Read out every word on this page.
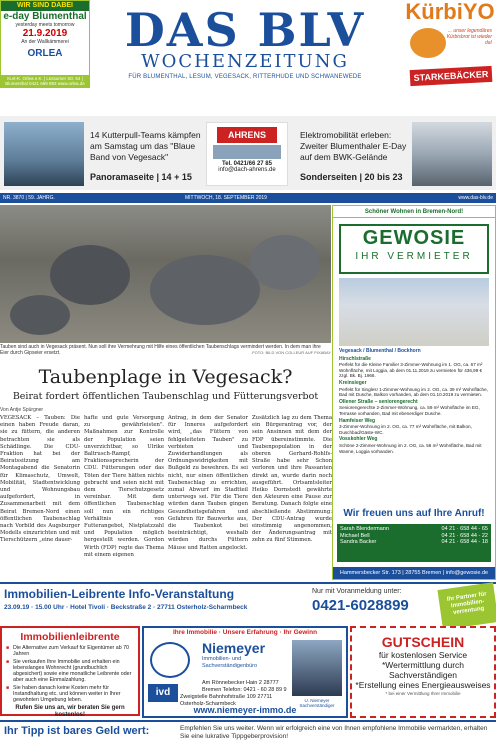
WIR SIND DABEI
e-day Blumenthal
yesterday meets tomorrow
21.9.2019
An der Wallkämmerei
ORLEA
Kurt-K. Orlea e.K. | Lüssumer Str. 54 | Blumenthal 0421 699 893 www.orlea.de
DAS BLV
WOCHENZEITUNG
FÜR BLUMENTHAL, LESUM, VEGESACK, RITTERHUDE UND SCHWANEWEDE
KürbiYO
... unser legendäres Kürbisbrot ist wieder da!
STARKEBÄCKER
14 Kutterpull-Teams kämpfen am Samstag um das "Blaue Band von Vegesack"
Panoramaseite | 14 + 15
AHRENS
Tel. 0421/66 27 85
info@dach-ahrens.de
Elektromobilität erleben: Zweiter Blumenthaler E-Day auf dem BWK-Gelände
Sonderseiten | 20 bis 23
NR. 3870 | 59. JAHRG.	MITTWOCH, 18. SEPTEMBER 2019	www.das-blv.de
Tauben sind auch in Vegesack präsent. Nun soll ihre Vermehrung mit Hilfe eines öffentlichen Taubenschlags vermindert werden. In dem man ihre Eier durch Gipseier ersetzt.	FOTO: BILD VON COLLEUR AUF PIXABAY
Taubenplage in Vegesack?
Beirat fordert öffentlichen Taubenschlag und Fütterungsverbot
Von Antje Spürgner
VEGESACK – Tauben: Die einen haben Freude daran, sie zu füttern, die anderen betrachten sie als Schädlinge. Die CDU-Fraktion hat bei der Beiratssitzung am Montagabend die Senatorin für Klimaschutz, Umwelt, Mobilität, Stadtentwicklung und Wohnungsbau aufgefordert, in Zusammenarbeit mit dem Beirat Bremen-Nord einen öffentlichen Taubenschlag nach Vorbild des Augsburger Modells einzurichten und mit Tierschützern „eine dauer-
hafte und gute Versorgung zu gewährleisten". Maßnahmen zur Kontrolle der Population seien unverzichtbar, so Ulrike Baltrusch-Rampf, Fraktionssprecherin der CDU. Fütterungen oder das Töten der Tiere hätten nichts gebracht und seien nicht mit dem Tierschutzgesetz vereinbar. Mit dem öffentlichen Taubenschlag soll nun ein richtiges Verhältnis von Futterangebot, Nistplatzzahl und Population möglich hergestellt werden. Gordon Wirth (FDP) regte das Thema mit einem eigenen
Antrag, in dem der Senator für Inneres aufgefordert wird, „das Füttern von fehlgeleiteten Tauben" zu verbieten und Zuwiderhandlungen als Ordnungswidrigkeiten mit Bußgeld zu bewehren. Es sei nicht, nur einen öffentlichen Taubenschlag zu errichten, zumal Abwurf im Stadtteil unterwegs sei. Für die Tiere würden dann Tauben gingen Gesundheitsgefahren und Gefahren für Bauwerke aus, die Taubenkot bei beeinträchtigt, weshalb würden durchs Füttern Mäuse und Ratten angelockt.
Zusätzlich lag zu dem Thema ein Bürgerantrag vor, der sein Ansinnen mit dem der FDP übereinstimmte. Die Taubenpopulation in der oberen Gerhard-Rohlfs-Straße habe sehr Schon verloren und ihre Passanten direkt an, wurde darin noch ausgeführt. Ortsamtsleiter Heiko Dornstedt gewährte den Akteuren eine Pause zur Beratung. Danach folgte eine abschließende Abstimmung: Der CDU-Antrag wurde einstimmig angenommen, der Änderungsantrag mit zehn zu fünf Stimmen.
Schöner Wohnen in Bremen-Nord!
GEWOSIE
IHR VERMIETER
Vegesack / Blumenthal / Bockhorn
Hirschlstraße
Perfekt für die Kleine Familie! 3-Zimmer-Wohnung im 1. OG, ca. 67 m² Wohnfläche, mit Loggia, ab dem 01.11.2019 zu vermieten für 436,99 € zzgl. Bk. Bj. 1966.
Kreinsieger
Perfekt für Singles! 1-Zimmer-Wohnung im 2. OG, ca. 39 m² Wohnfläche, Bad mit Dusche, Balkon vorhanden, ab dem 01.10.2019 zu vermieten.
Ollener Straße – seniorengerecht
Seniorengerechte 2-Zimmer-Wohnung, ca. 59 m² Wohnfläche im EG, Terrasse vorhanden, Bad mit ebenerdiger Dusche.
Hamfeiser Weg
3-Zimmer-Wohnung im 2. OG, ca. 77 m² Wohnfläche, mit Balkon, Duschbad/Gäste-WC.
Vosskohler Weg
Schöne 2-Zimmer-Wohnung im 2. OG, ca. 56 m² Wohnfläche, Bad mit Wanne, Loggia vorhanden.
Wir freuen uns auf Ihre Anruf!
Sarah Blendermann	04 21 · 658 44 - 65
Michael Bell	04 21 · 658 44 - 22
Sandra Backer	04 21 · 658 44 - 18
Hammersbecker Str. 173 | 28755 Bremen | info@gewosie.de
Immobilien-Leibrente Info-Veranstaltung
23.09.19 · 15.00 Uhr · Hotel Tivoli · Beckstraße 2 · 27711 Osterholz-Scharmbeck
Nur mit Voranmeldung unter:
0421-6028899	Ihr Partner für Immobilienverrentung
Immobilienleibrente
■ Die Alternative zum Verkauf für Eigentümer ab 70 Jahren
■ Sie verkaufen Ihre Immobilie und erhalten ein lebenslanges Wohnrecht (grundbuchlich abgesichert) sowie eine monatliche Leibrente oder aber auch eine Einmalzahlung.
■ Sie haben danach keine Kosten mehr für Instandhaltung etc. und können weiter in Ihrer gewohnten Umgebung leben.
Rufen Sie uns an, wir beraten Sie gern kostenlos!
Ihre Immobilie · Unsere Erfahrung · Ihr Gewinn
Niemeyer
Immobilien- und Sachverständigenbüro
Am Rönnebecker Hain 2 28777 Bremen Telefon: 0421 - 60 28 89 9
ivd	Zweigstelle Bahnhofstraße 109 27711 Osterholz-Scharmbeck	U. Niemeyer Sachverständiger
www.niemeyer-immo.de
GUTSCHEIN
für kostenlosen Service
*Wertermittlung durch Sachverständigen
*Erstellung eines Energieausweises
* bei einer Vermittlung Ihrer Immobilie
Ihr Tipp ist bares Geld wert:	Empfehlen Sie uns weiter. Wenn wir erfolgreich eine von Ihnen empfohlene Immobilie vermarkten, erhalten Sie eine lukrative Tippgeberprovision!
